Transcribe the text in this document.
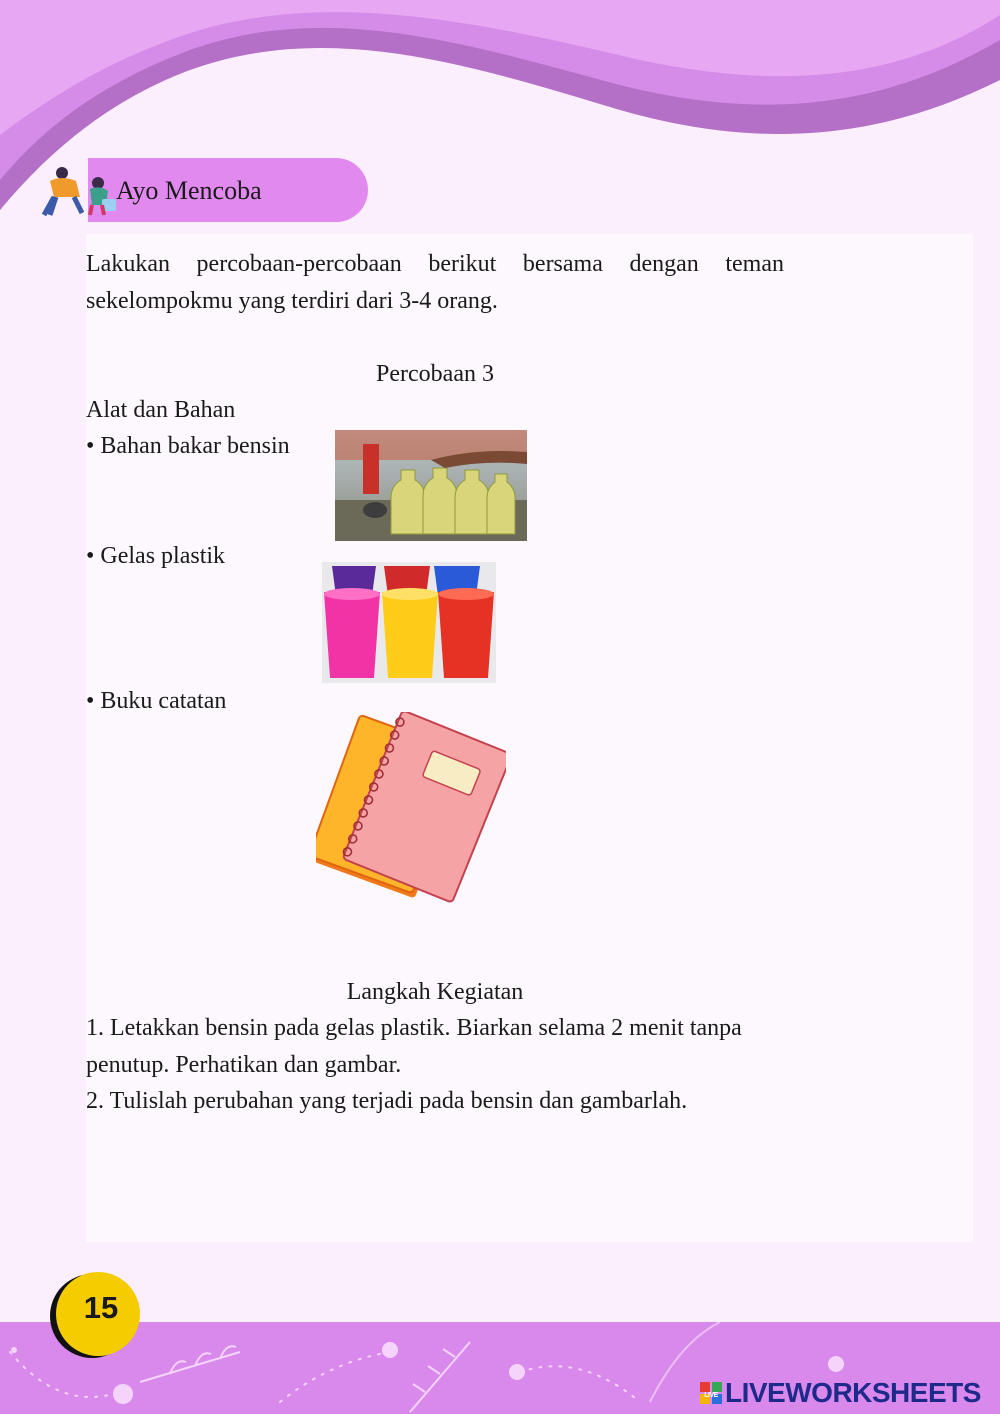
Ayo Mencoba
Lakukan percobaan-percobaan berikut bersama dengan teman sekelompokmu yang terdiri dari 3-4 orang.
Percobaan 3
Alat dan Bahan
• Bahan bakar bensin
• Gelas plastik
• Buku catatan
Langkah Kegiatan
1. Letakkan bensin pada gelas plastik. Biarkan selama 2 menit tanpa penutup. Perhatikan dan gambar.
2. Tulislah perubahan yang terjadi pada bensin dan gambarlah.
15
LIVE LIVEWORKSHEETS
